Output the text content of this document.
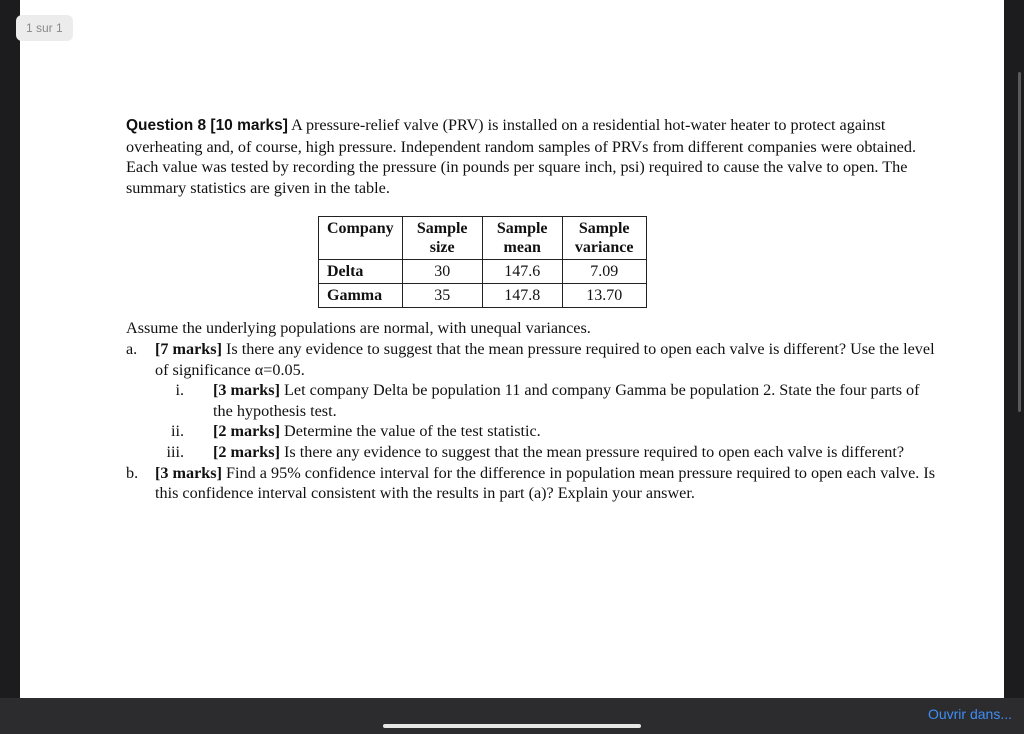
Question 8 [10 marks] A pressure-relief valve (PRV) is installed on a residential hot-water heater to protect against overheating and, of course, high pressure. Independent random samples of PRVs from different companies were obtained. Each value was tested by recording the pressure (in pounds per square inch, psi) required to cause the valve to open. The summary statistics are given in the table.

Company	Sample size	Sample mean	Sample variance
Delta	30	147.6	7.09
Gamma	35	147.8	13.70

Assume the underlying populations are normal, with unequal variances.

a. [7 marks] Is there any evidence to suggest that the mean pressure required to open each valve is different? Use the level of significance α=0.05.
i. [3 marks] Let company Delta be population 11 and company Gamma be population 2. State the four parts of the hypothesis test.
ii. [2 marks] Determine the value of the test statistic.
iii. [2 marks] Is there any evidence to suggest that the mean pressure required to open each valve is different?
b. [3 marks] Find a 95% confidence interval for the difference in population mean pressure required to open each valve. Is this confidence interval consistent with the results in part (a)? Explain your answer.
1 sur 1
Ouvrir dans...
